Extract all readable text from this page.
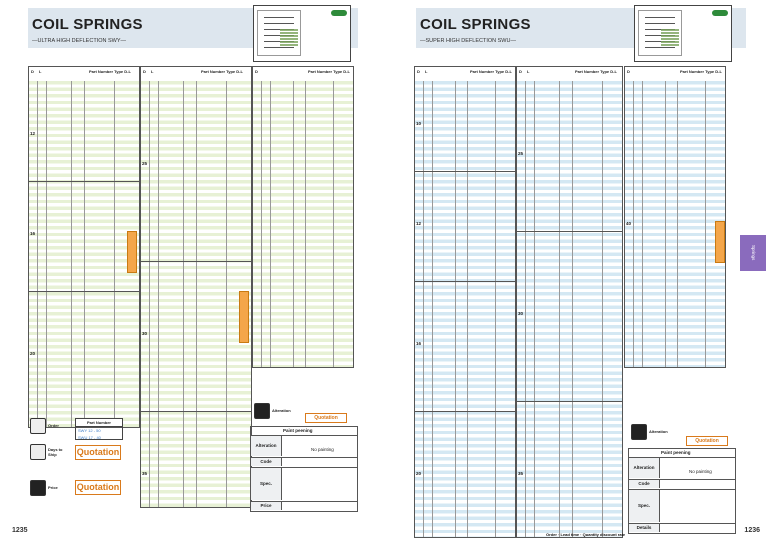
COIL SPRINGS
—ULTRA HIGH DEFLECTION SWY—
D L	Part Number Type D-L
12
16
20
D L	Part Number Type D-L
25
30
35
D	Part Number Type D-L
Order
Part Number
SWY 12 - 50
SWU 17 - 40
Days to Ship	Quotation
Price Quotation
Alteration
Quotation
Paint peening
Alteration
No painting
Code
Spec.
Price
1235
COIL SPRINGS
—SUPER HIGH DEFLECTION SWU—
D L	Part Number Type D-L
10
12
16
20
D L	Part Number Type D-L
25
30
35
D	Part Number Type D-L
40
Alteration
Quotation
Paint peening
Alteration
No painting
Code
Spec.
Details
Springs
Order · Lead time · Quantity discount rate
1236
